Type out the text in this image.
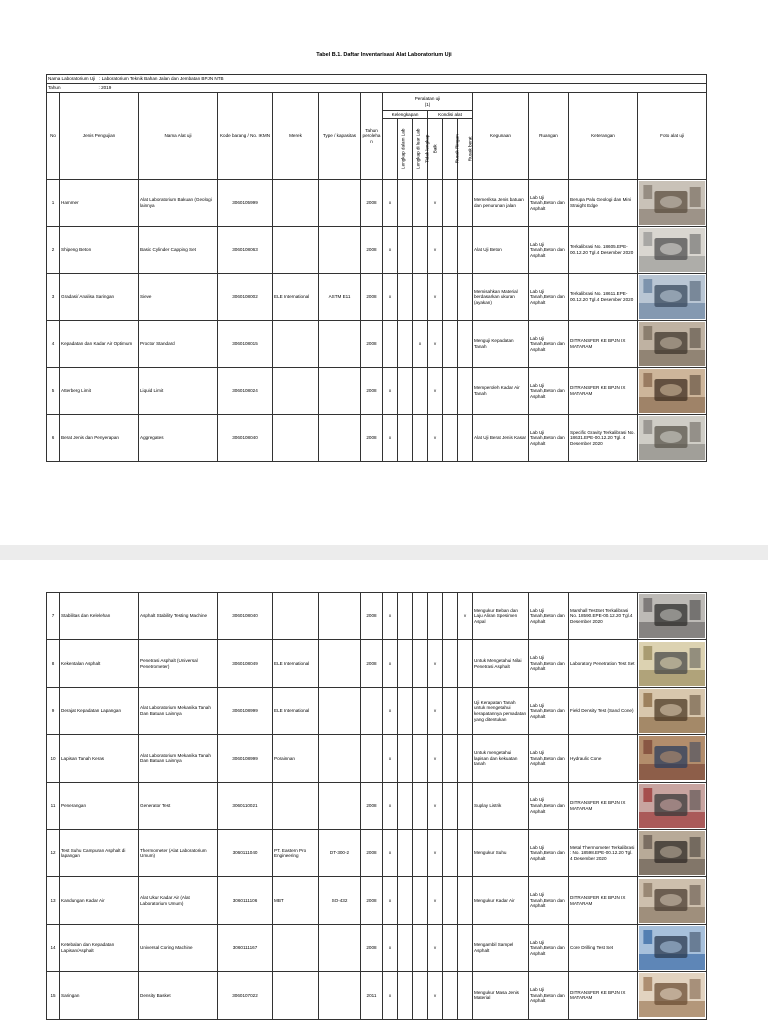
Tabel B.1. Daftar Inventarisasi Alat Laboratorium Uji
Nama Laboratorium Uji : Laboratorium Teknik Bahan Jalan dan Jembatan BPJN NTB																
Tahun : 2019																
No	Jenis Pengujian	Nama Alat uji	Kode barang / No. IKMN	Merek	Type / kapasitas	Tahun perolehan	Peralatan uji
(1)						Kegunaan	Ruangan	Keterangan	Foto alat uji
							Kelengkapan			Kondisi alat						
							Lengkap dalam Lab	Lengkap di luar Lab	Tidak lengkap	Baik	Rusak Ringan	Rusak berat				
1	Hammer	Alat Laboratorium Bakuan (Geologi lainnya	3060105999			2008	x			v			Memeriksa Jenis batuan dan penurunan jalan	Lab Uji Tanah,Beton dan Asphalt	Berupa Palu Geologi dan Mini Straight Edge	

2	Shipeng Beton	Basic Cylinder Capping Set	3060108063			2008	x			v			Alat Uji Beton	Lab Uji Tanah,Beton dan Asphalt	Terkalibrasi No. 18605.EPE-00.12.20 Tgl.4 Desember 2020	

3	Gradasi/ Analisa Saringan	Sieve	3060108002	ELE International	ASTM E11	2008	x			v			Memisahkan Material berdasarkan ukuran (ayakan)	Lab Uji Tanah,Beton dan Asphalt	Terkalibrasi No. 18611.EPE-00.12.20 Tgl.4 Desember 2020	

4	Kepadatan dan Kadar Air Optimum	Proctor Standard	3060108015			2008			x	v			Menguji Kepadatan Tanah	Lab Uji Tanah,Beton dan Asphalt	DITRANSFER KE BPJN IX MATARAM	

5	Atterberg Limit	Liquid Limit	3060108024			2008	x			v			Memperoleh Kadar Air Tanah	Lab Uji Tanah,Beton dan Asphalt	DITRANSFER KE BPJN IX MATARAM	

6	Berat Jenis dan Penyerapan	Aggregates	3060108040			2008	x			v			Alat Uji Berat Jenis Kasar	Lab Uji Tanah,Beton dan Asphalt	Specific Gravity Terkalibrasi No. 18631.EPE-00.12.20 Tgl. 4 Desember 2020	
7	Stabilitas dan Kelelehan	Asphalt Stability Testing Machine	3060108040			2008	x					v	Mengukur Beban dan Laju Aliran Spesimen Aspal	Lab Uji Tanah,Beton dan Asphalt	Marshall TestSet Terkalibrasi No. 18590.EPE-00.12.20 Tgl.4 Desember 2020	

8	Kekentalan Asphalt	Penetrasi Asphalt (Universal Penetrometer)	3060108049	ELE International		2008	x			v			Untuk Mengetahui Nilai Penetrasi Asphalt	Lab Uji Tanah,Beton dan Asphalt	Laboratory Penetration Test Set	

9	Derajat Kepadatan Lapangan	Alat Laboratorium Mekanika Tanah Dan Batuan Lainnya	3060108999	ELE International			x			v			Uji Kerapatan Tanah untuk mengetahui kerapatannya pemadatan yang ditentukan	Lab Uji Tanah,Beton dan Asphalt	Field Density Test (Sand Cone)	

10	Lapisan Tanah Keras	Alat Laboratorium Mekanika Tanah Dan Batuan Lainnya	3060108999	Porainnan			x			v			Untuk mengetahui lapisan dan kekuatan tanah	Lab Uji Tanah,Beton dan Asphalt	Hydraulic Cone	

11	Penerangan	Generator Test	3060110021			2008	x			v			Suplay Listrik	Lab Uji Tanah,Beton dan Asphalt	DITRANSFER KE BPJN IX MATARAM	

12	Test Suhu Campuran Asphalt di lapangan	Thermometer (Alat Laboratorium Umum)	3060111040	PT. Eastern Pro Engineering	DT-300-2	2008	x			v			Mengukur Suhu	Lab Uji Tanah,Beton dan Asphalt	Metal Thermometer Terkalibrasi : No. 18598.EPE-00.12.20 Tgl. 4 Desember 2020	

13	Kandungan Kadar Air	Alat Ukur Kadar Air (Alat Laboratorium Umum)	3060111106	MBT	SO-432	2008	x			v			Mengukur Kadar Air	Lab Uji Tanah,Beton dan Asphalt	DITRANSFER KE BPJN IX MATARAM	

14	Ketebalan dan Kepadatan Lapisan/Asphalt	Universal Coring Machine	3060111167			2008	x			v			Mengambil Sampel Asphalt	Lab Uji Tanah,Beton dan Asphalt	Core Drilling Test Set	

15	Saringan	Density Basket	3060107022			2011	x			v			Mengukur Masa Jenis Material	Lab Uji Tanah,Beton dan Asphalt	DITRANSFER KE BPJN IX MATARAM	
